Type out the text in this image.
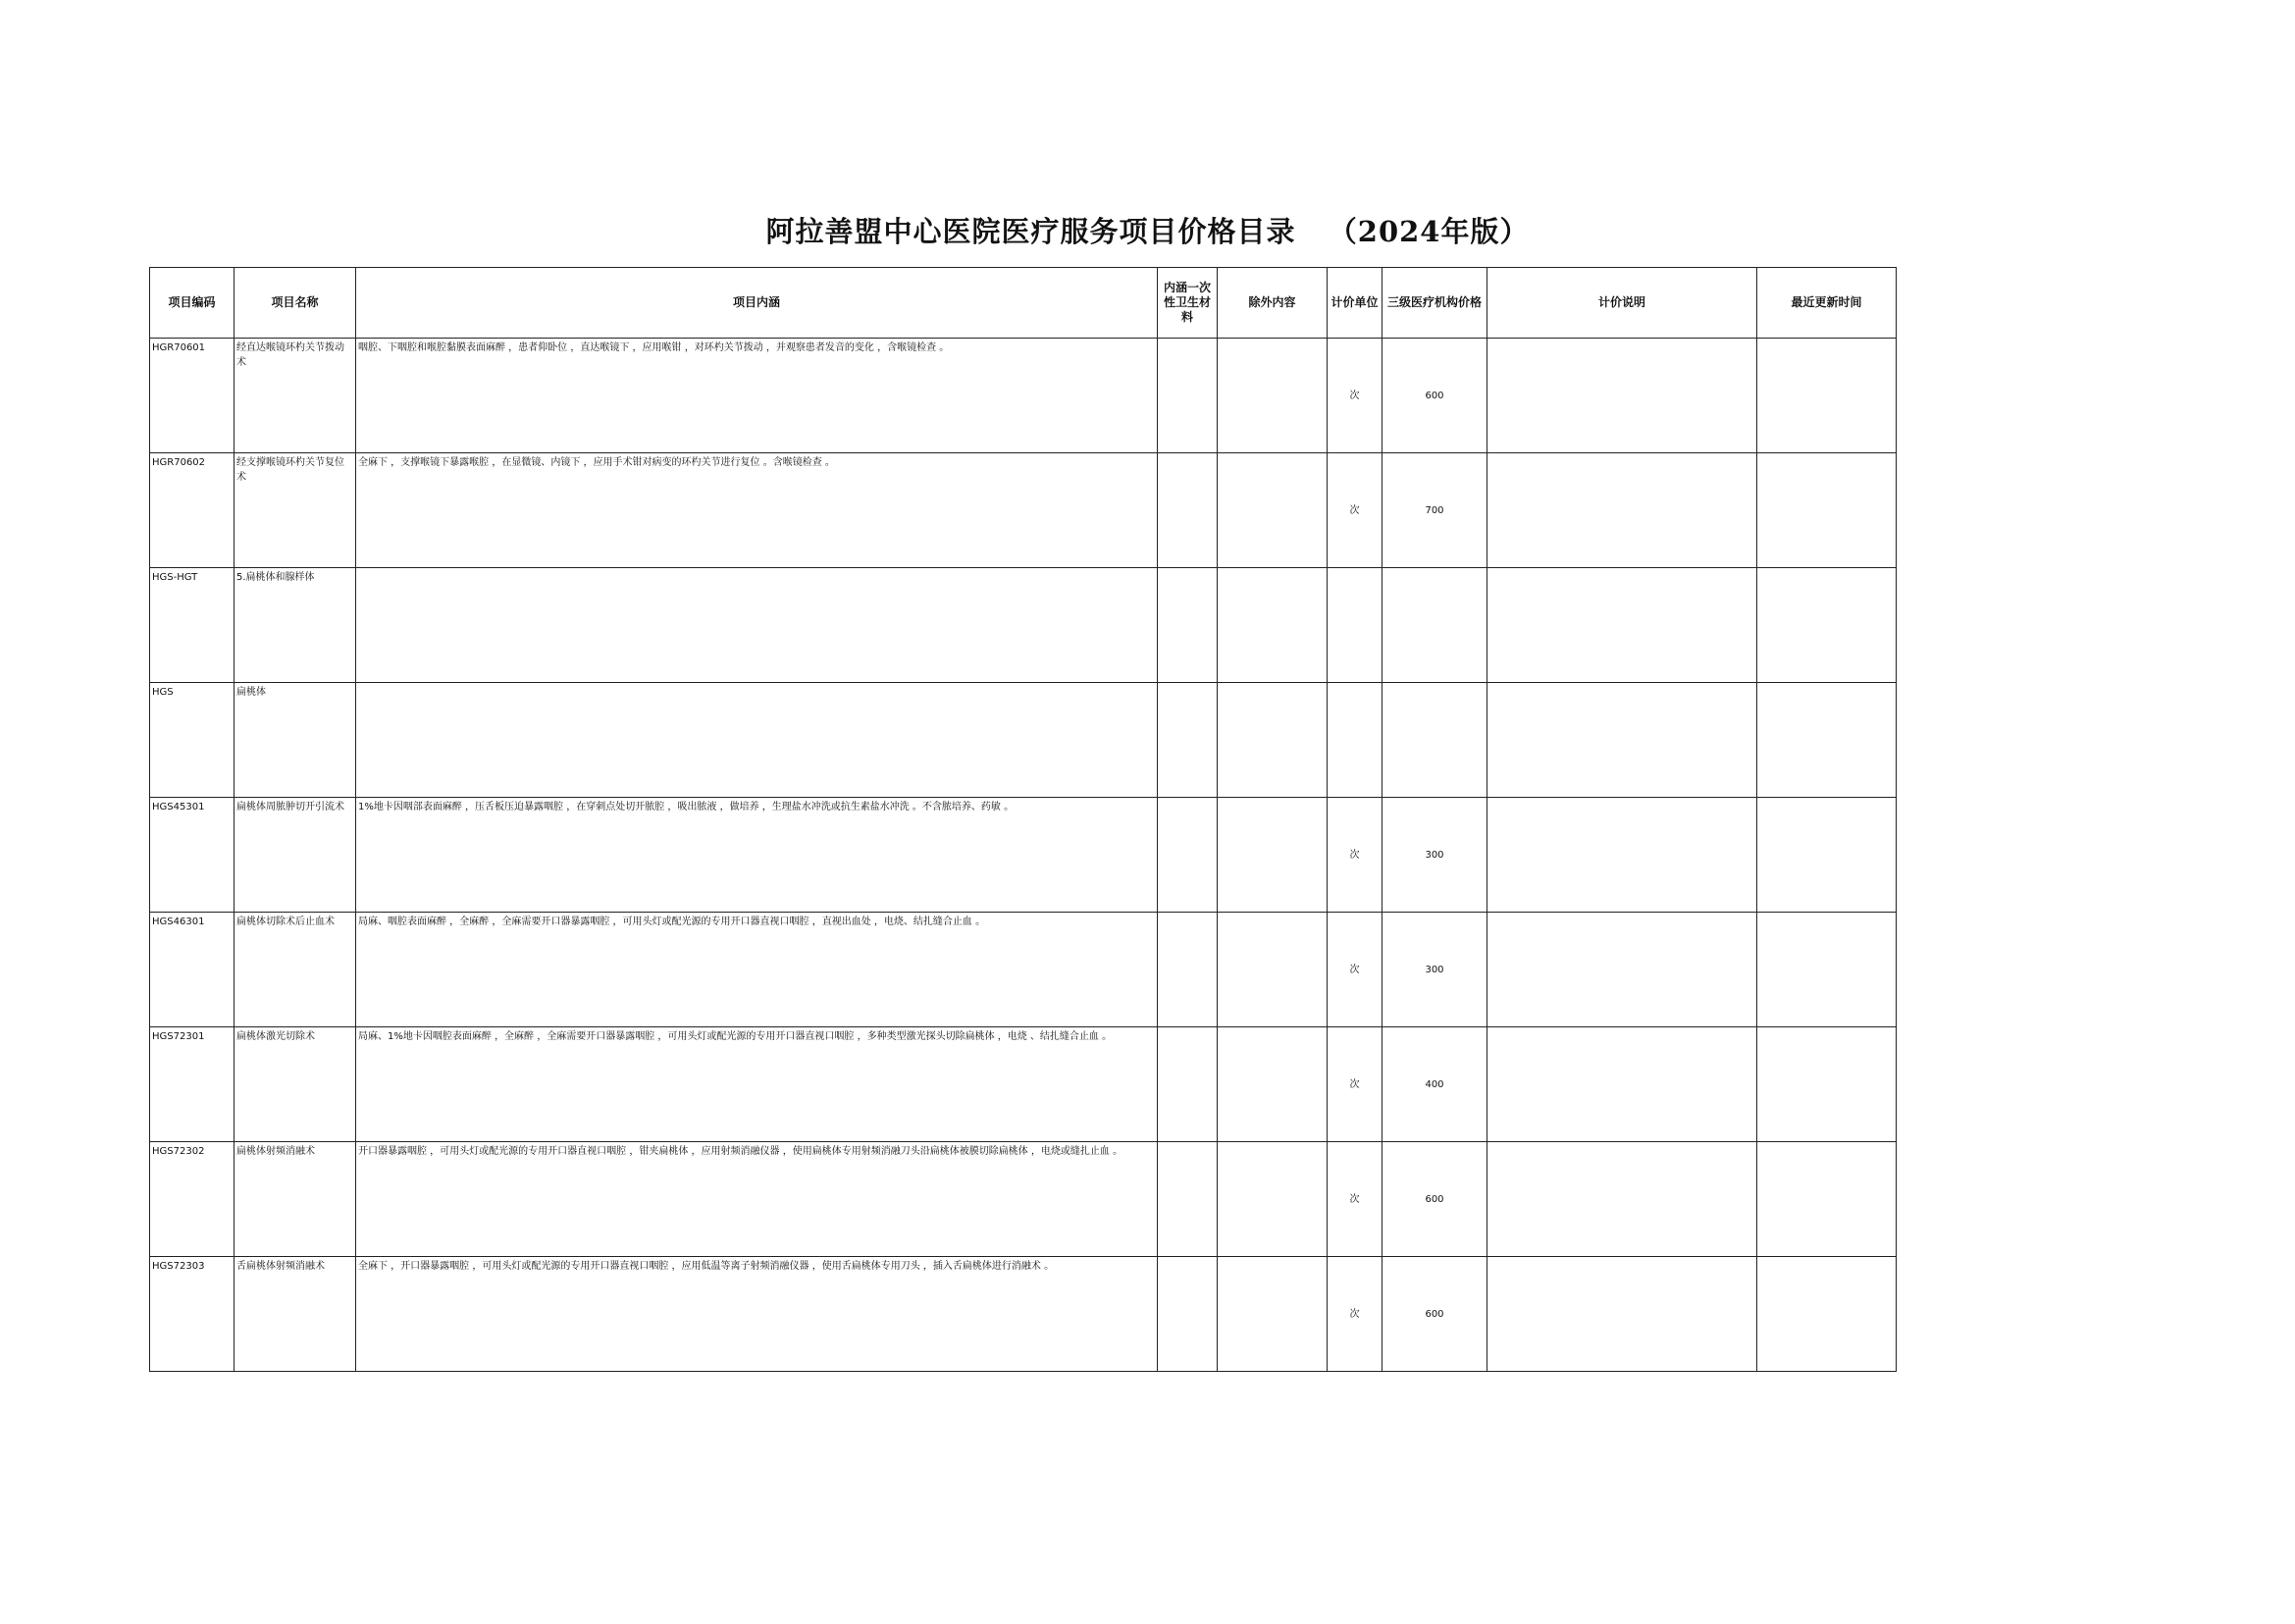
阿拉善盟中心医院医疗服务项目价格目录   （2024年版）
项目编码	项目名称	项目内涵	内涵一次性卫生材料	除外内容	计价单位	三级医疗机构价格	计价说明	最近更新时间
HGR70601	经直达喉镜环杓关节拨动术	咽腔、下咽腔和喉腔黏膜表面麻醉 ，患者仰卧位 ，直达喉镜下 ，应用喉钳 ，对环杓关节拨动 ，并观察患者发音的变化 ，含喉镜检查 。			次	600		
HGR70602	经支撑喉镜环杓关节复位术	全麻下 ，支撑喉镜下暴露喉腔 ，在显微镜、内镜下 ，应用手术钳对病变的环杓关节进行复位 。含喉镜检查 。			次	700		
HGS-HGT	5.扁桃体和腺样体							
HGS	扁桃体							
HGS45301	扁桃体周脓肿切开引流术	1%地卡因咽部表面麻醉 ，压舌板压迫暴露咽腔 ，在穿刺点处切开脓腔 ，吸出脓液 ，做培养 ，生理盐水冲洗或抗生素盐水冲洗 。不含脓培养、药敏 。			次	300		
HGS46301	扁桃体切除术后止血术	局麻、咽腔表面麻醉 ，全麻醉 ，全麻需要开口器暴露咽腔 ，可用头灯或配光源的专用开口器直视口咽腔 ，直视出血处 ，电烧、结扎缝合止血 。			次	300		
HGS72301	扁桃体激光切除术	局麻、1%地卡因咽腔表面麻醉 ，全麻醉 ，全麻需要开口器暴露咽腔 ，可用头灯或配光源的专用开口器直视口咽腔 ，多种类型激光探头切除扁桃体 ，电烧 、结扎缝合止血 。			次	400		
HGS72302	扁桃体射频消融术	开口器暴露咽腔 ，可用头灯或配光源的专用开口器直视口咽腔 ，钳夹扁桃体 ，应用射频消融仪器 ，使用扁桃体专用射频消融刀头沿扁桃体被膜切除扁桃体 ，电烧或缝扎止血 。			次	600		
HGS72303	舌扁桃体射频消融术	全麻下 ，开口器暴露咽腔 ，可用头灯或配光源的专用开口器直视口咽腔 ，应用低温等离子射频消融仪器 ，使用舌扁桃体专用刀头 ，插入舌扁桃体进行消融术 。			次	600		
